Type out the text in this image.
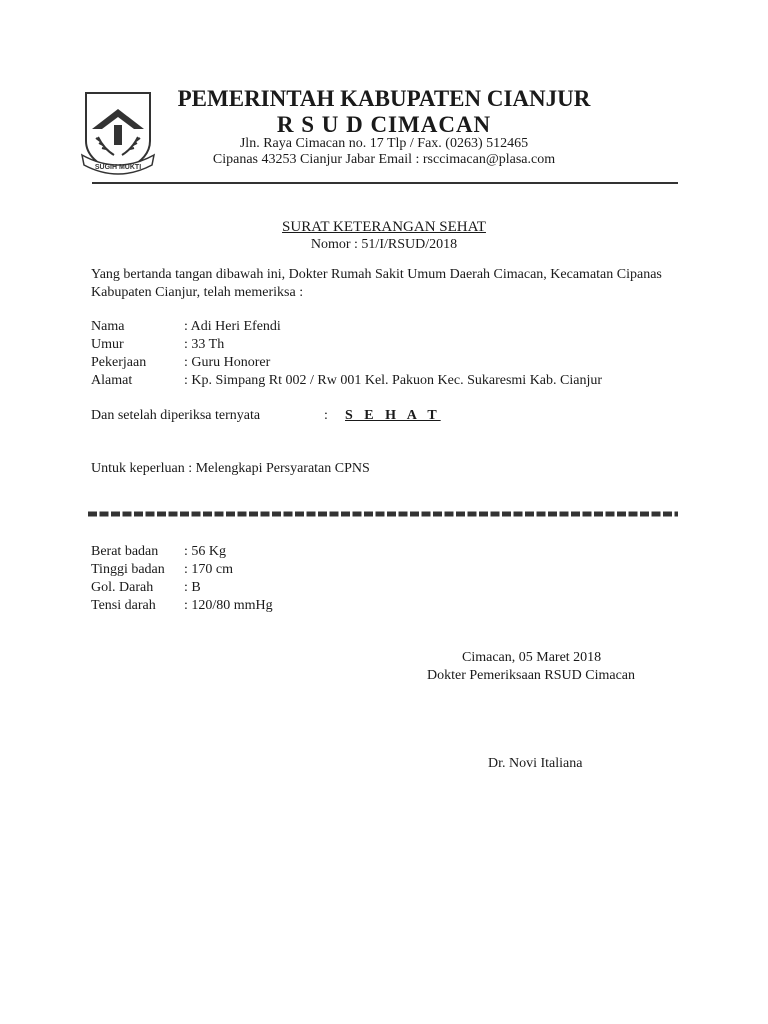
SUGIH MUKTI
PEMERINTAH KABUPATEN CIANJUR
R S U D CIMACAN
Jln. Raya Cimacan no. 17 Tlp / Fax. (0263) 512465
Cipanas 43253 Cianjur Jabar Email : rsccimacan@plasa.com
SURAT KETERANGAN SEHAT
Nomor : 51/I/RSUD/2018
Yang bertanda tangan dibawah ini, Dokter Rumah Sakit Umum Daerah Cimacan, Kecamatan Cipanas
Kabupaten Cianjur, telah memeriksa :
Nama	: Adi Heri Efendi
Umur	: 33 Th
Pekerjaan	: Guru Honorer
Alamat	: Kp. Simpang Rt 002 / Rw 001 Kel. Pakuon Kec. Sukaresmi Kab. Cianjur
Dan setelah diperiksa ternyata	: S E H A T
Untuk keperluan : Melengkapi Persyaratan CPNS
Berat badan : 56 Kg
Tinggi badan : 170 cm
Gol. Darah : B
Tensi darah : 120/80 mmHg
Cimacan, 05 Maret 2018
Dokter Pemeriksaan RSUD Cimacan
Dr. Novi Italiana
